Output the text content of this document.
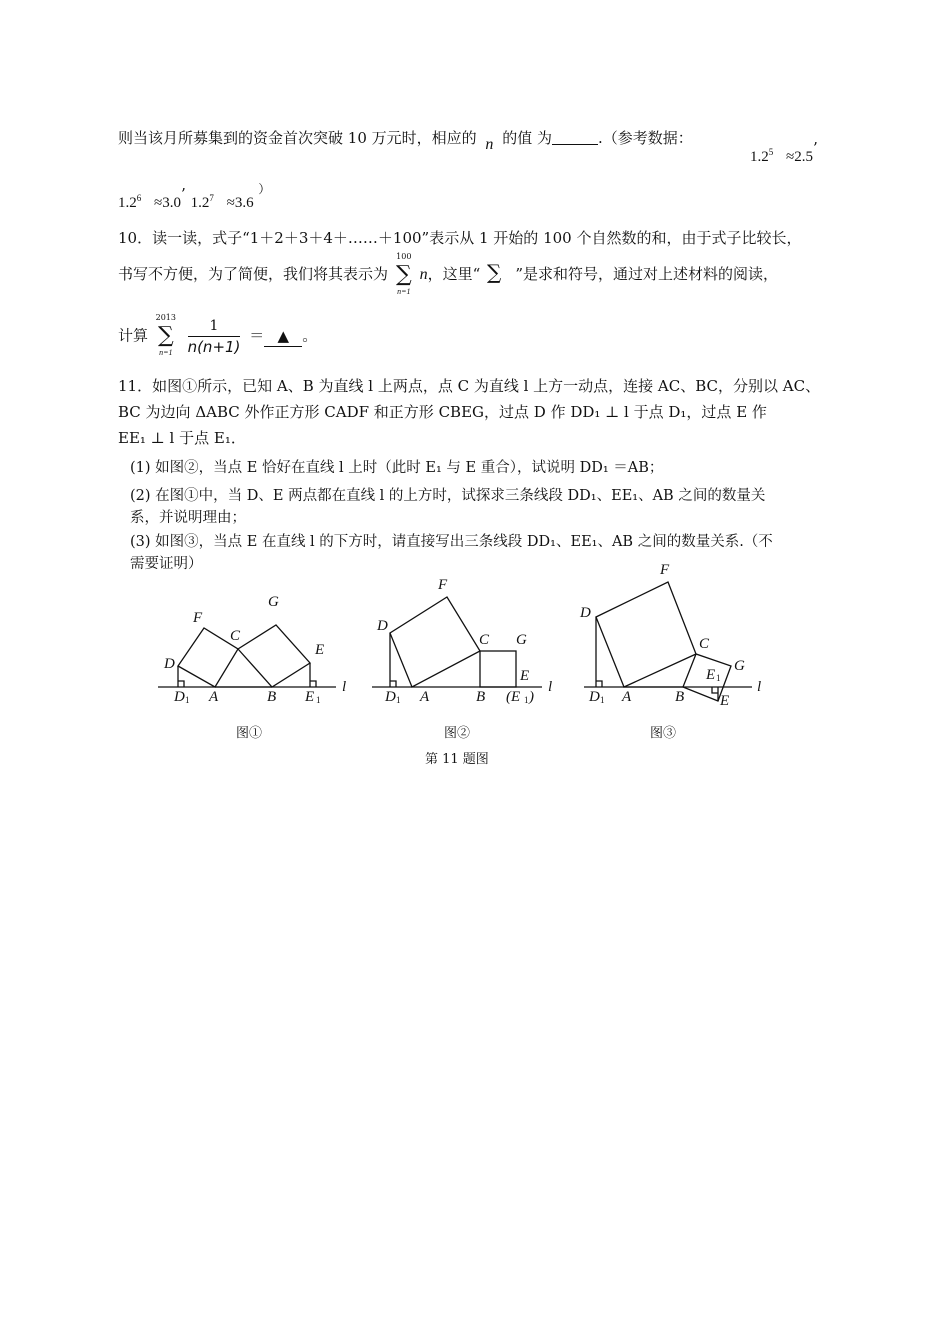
则当该月所募集到的资金首次突破 10 万元时，相应的 n 的值 为	.（参考数据：
$1.2^5 \approx 2.5$’
$1.2^6 \approx 3.0$’ $1.2^7 \approx 3.6$ ）
10．读一读，式子“1＋2＋3＋4＋……＋100”表示从 1 开始的 100 个自然数的和，由于式子比较长，
书写不方便，为了简便，我们将其表示为
100
∑
n=1
n，这里“ ∑ ”是求和符号，通过对上述材料的阅读，
计算
2013
∑
n=1
	$\frac{1}{n(n+1)}$ ＝ ▲ 。
11．如图①所示，已知 A、B 为直线 l 上两点，点 C 为直线 l 上方一动点，连接 AC、BC，分别以 AC、
BC 为边向 ΔABC 外作正方形 CADF 和正方形 CBEG，过点 D 作 DD₁ ⊥ l 于点 D₁，过点 E 作
EE₁ ⊥ l 于点 E₁．
(1) 如图②，当点 E 恰好在直线 l 上时（此时 E₁ 与 E 重合），试说明 DD₁ ＝AB；
(2) 在图①中，当 D、E 两点都在直线 l 的上方时，试探求三条线段 DD₁、EE₁、AB 之间的数量关
系，并说明理由；
(3) 如图③，当点 E 在直线 l 的下方时，请直接写出三条线段 DD₁、EE₁、AB 之间的数量关系.（不
需要证明）
F
C
G
E
D
l
D 1 A	B E 1
F
D
C G
E
l
D 1 A	B (E 1 )
F
D
C
G
E 1
l
D 1 A	B E
图①	图②	图③
第 11 题图
